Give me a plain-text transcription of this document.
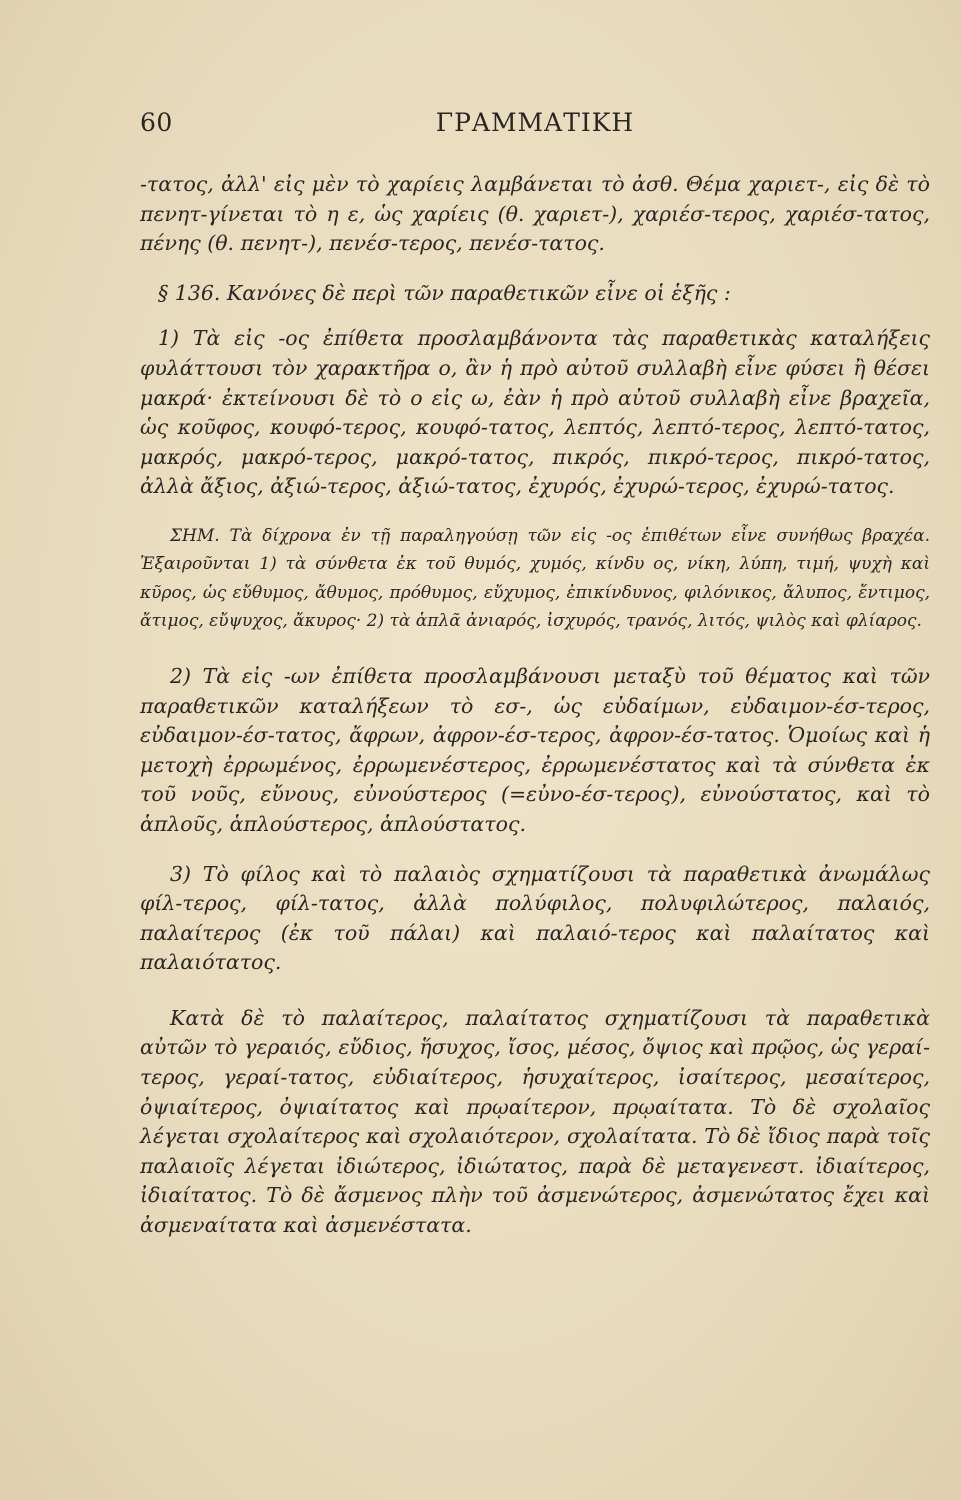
60	ΓΡΑΜΜΑΤΙΚΗ

-τατος, ἀλλ' εἰς μὲν τὸ χαρίεις λαμβάνεται τὸ ἀσθ. Θέμα χαριετ-, εἰς δὲ τὸ πενητ-γίνεται τὸ η ε, ὡς χαρίεις (θ. χαριετ-), χαριέσ-τερος, χαριέσ-τατος, πένης (θ. πενητ-), πενέσ-τερος, πενέσ-τατος.

§ 136. Κανόνες δὲ περὶ τῶν παραθετικῶν εἶνε οἱ ἑξῆς :

1) Τὰ εἰς -ος ἐπίθετα προσλαμβάνοντα τὰς παραθετικὰς καταλήξεις φυλάττουσι τὸν χαρακτῆρα ο, ἂν ἡ πρὸ αὐτοῦ συλλαβὴ εἶνε φύσει ἢ θέσει μακρά· ἐκτείνουσι δὲ τὸ ο εἰς ω, ἐὰν ἡ πρὸ αὐτοῦ συλλαβὴ εἶνε βραχεῖα, ὡς κοῦφος, κουφό-τερος, κουφό-τατος, λεπτός, λεπτό-τερος, λεπτό-τατος, μακρός, μακρό-τερος, μακρό-τατος, πικρός, πικρό-τερος, πικρό-τατος, ἀλλὰ ἄξιος, ἀξιώ-τερος, ἀξιώ-τατος, ἐχυρός, ἐχυρώ-τερος, ἐχυρώ-τατος.

ΣΗΜ. Τὰ δίχρονα ἐν τῇ παραληγούσῃ τῶν εἰς -ος ἐπιθέτων εἶνε συνήθως βραχέα. Ἐξαιροῦνται 1) τὰ σύνθετα ἐκ τοῦ θυμός, χυμός, κίνδυ ος, νίκη, λύπη, τιμή, ψυχὴ καὶ κῦρος, ὡς εὔθυμος, ἄθυμος, πρόθυμος, εὔχυμος, ἐπικίνδυνος, φιλόνικος, ἄλυπος, ἔντιμος, ἄτιμος, εὔψυχος, ἄκυρος· 2) τὰ ἁπλᾶ ἀνιαρός, ἰσχυρός, τρανός, λιτός, ψιλὸς καὶ φλίαρος.

2) Τὰ εἰς -ων ἐπίθετα προσλαμβάνουσι μεταξὺ τοῦ θέματος καὶ τῶν παραθετικῶν καταλήξεων τὸ εσ-, ὡς εὐδαίμων, εὐδαιμον-έσ-τερος, εὐδαιμον-έσ-τατος, ἄφρων, ἀφρον-έσ-τερος, ἀφρον-έσ-τατος. Ὁμοίως καὶ ἡ μετοχὴ ἐρρωμένος, ἐρρωμενέστερος, ἐρρωμενέστατος καὶ τὰ σύνθετα ἐκ τοῦ νοῦς, εὔνους, εὐνούστερος (=εὐνο-έσ-τερος), εὐνούστατος, καὶ τὸ ἁπλοῦς, ἁπλούστερος, ἁπλούστατος.

3) Τὸ φίλος καὶ τὸ παλαιὸς σχηματίζουσι τὰ παραθετικὰ ἀνωμάλως φίλ-τερος, φίλ-τατος, ἀλλὰ πολύφιλος, πολυφιλώτερος, παλαιός, παλαίτερος (ἐκ τοῦ πάλαι) καὶ παλαιό-τερος καὶ παλαίτατος καὶ παλαιότατος.

Κατὰ δὲ τὸ παλαίτερος, παλαίτατος σχηματίζουσι τὰ παραθετικὰ αὐτῶν τὸ γεραιός, εὔδιος, ἥσυχος, ἴσος, μέσος, ὄψιος καὶ πρῷος, ὡς γεραί-τερος, γεραί-τατος, εὐδιαίτερος, ἡσυχαίτερος, ἰσαίτερος, μεσαίτερος, ὀψιαίτερος, ὀψιαίτατος καὶ πρῳαίτερον, πρῳαίτατα. Τὸ δὲ σχολαῖος λέγεται σχολαίτερος καὶ σχολαιότερον, σχολαίτατα. Τὸ δὲ ἴδιος παρὰ τοῖς παλαιοῖς λέγεται ἰδιώτερος, ἰδιώτατος, παρὰ δὲ μεταγενεστ. ἰδιαίτερος, ἰδιαίτατος. Τὸ δὲ ἄσμενος πλὴν τοῦ ἀσμενώτερος, ἀσμενώτατος ἔχει καὶ ἀσμεναίτατα καὶ ἀσμενέστατα.
